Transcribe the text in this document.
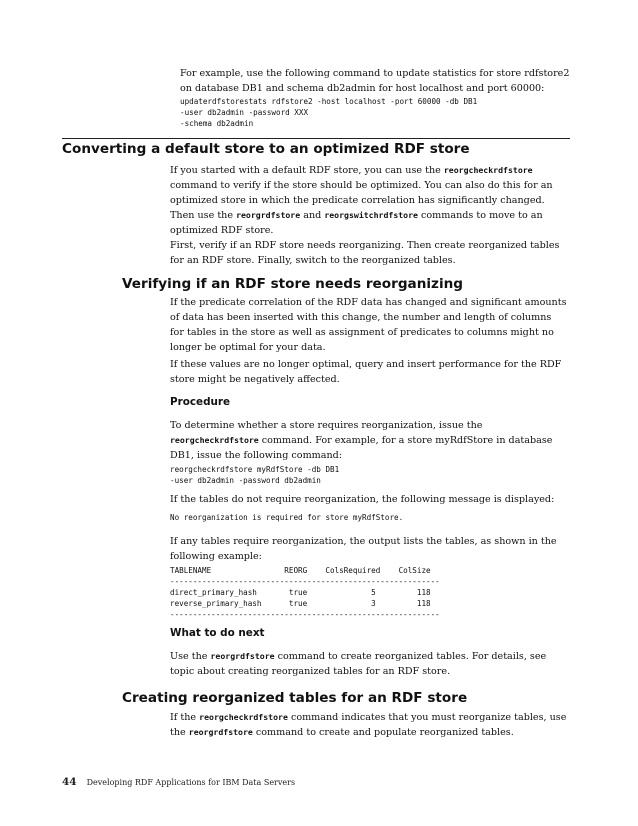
For example, use the following command to update statistics for store rdfstore2 on database DB1 and schema db2admin for host localhost and port 60000:

updaterdfstorestats rdfstore2 -host localhost -port 60000 -db DB1
-user db2admin -password XXX
-schema db2admin
Converting a default store to an optimized RDF store

If you started with a default RDF store, you can use the reorgcheckrdfstore command to verify if the store should be optimized. You can also do this for an optimized store in which the predicate correlation has significantly changed. Then use the reorgrdfstore and reorgswitchrdfstore commands to move to an optimized RDF store.

First, verify if an RDF store needs reorganizing. Then create reorganized tables for an RDF store. Finally, switch to the reorganized tables.

Verifying if an RDF store needs reorganizing

If the predicate correlation of the RDF data has changed and significant amounts of data has been inserted with this change, the number and length of columns for tables in the store as well as assignment of predicates to columns might no longer be optimal for your data.

If these values are no longer optimal, query and insert performance for the RDF store might be negatively affected.

Procedure

To determine whether a store requires reorganization, issue the reorgcheckrdfstore command. For example, for a store myRdfStore in database DB1, issue the following command:

reorgcheckrdfstore myRdfStore -db DB1
-user db2admin -password db2admin

If the tables do not require reorganization, the following message is displayed:

No reorganization is required for store myRdfStore.

If any tables require reorganization, the output lists the tables, as shown in the following example:

TABLENAME                REORG    ColsRequired    ColSize
-----------------------------------------------------------
direct_primary_hash       true              5         118
reverse_primary_hash      true              3         118
-----------------------------------------------------------
What to do next

Use the reorgrdfstore command to create reorganized tables. For details, see topic about creating reorganized tables for an RDF store.

Creating reorganized tables for an RDF store

If the reorgcheckrdfstore command indicates that you must reorganize tables, use the reorgrdfstore command to create and populate reorganized tables.

44 Developing RDF Applications for IBM Data Servers
